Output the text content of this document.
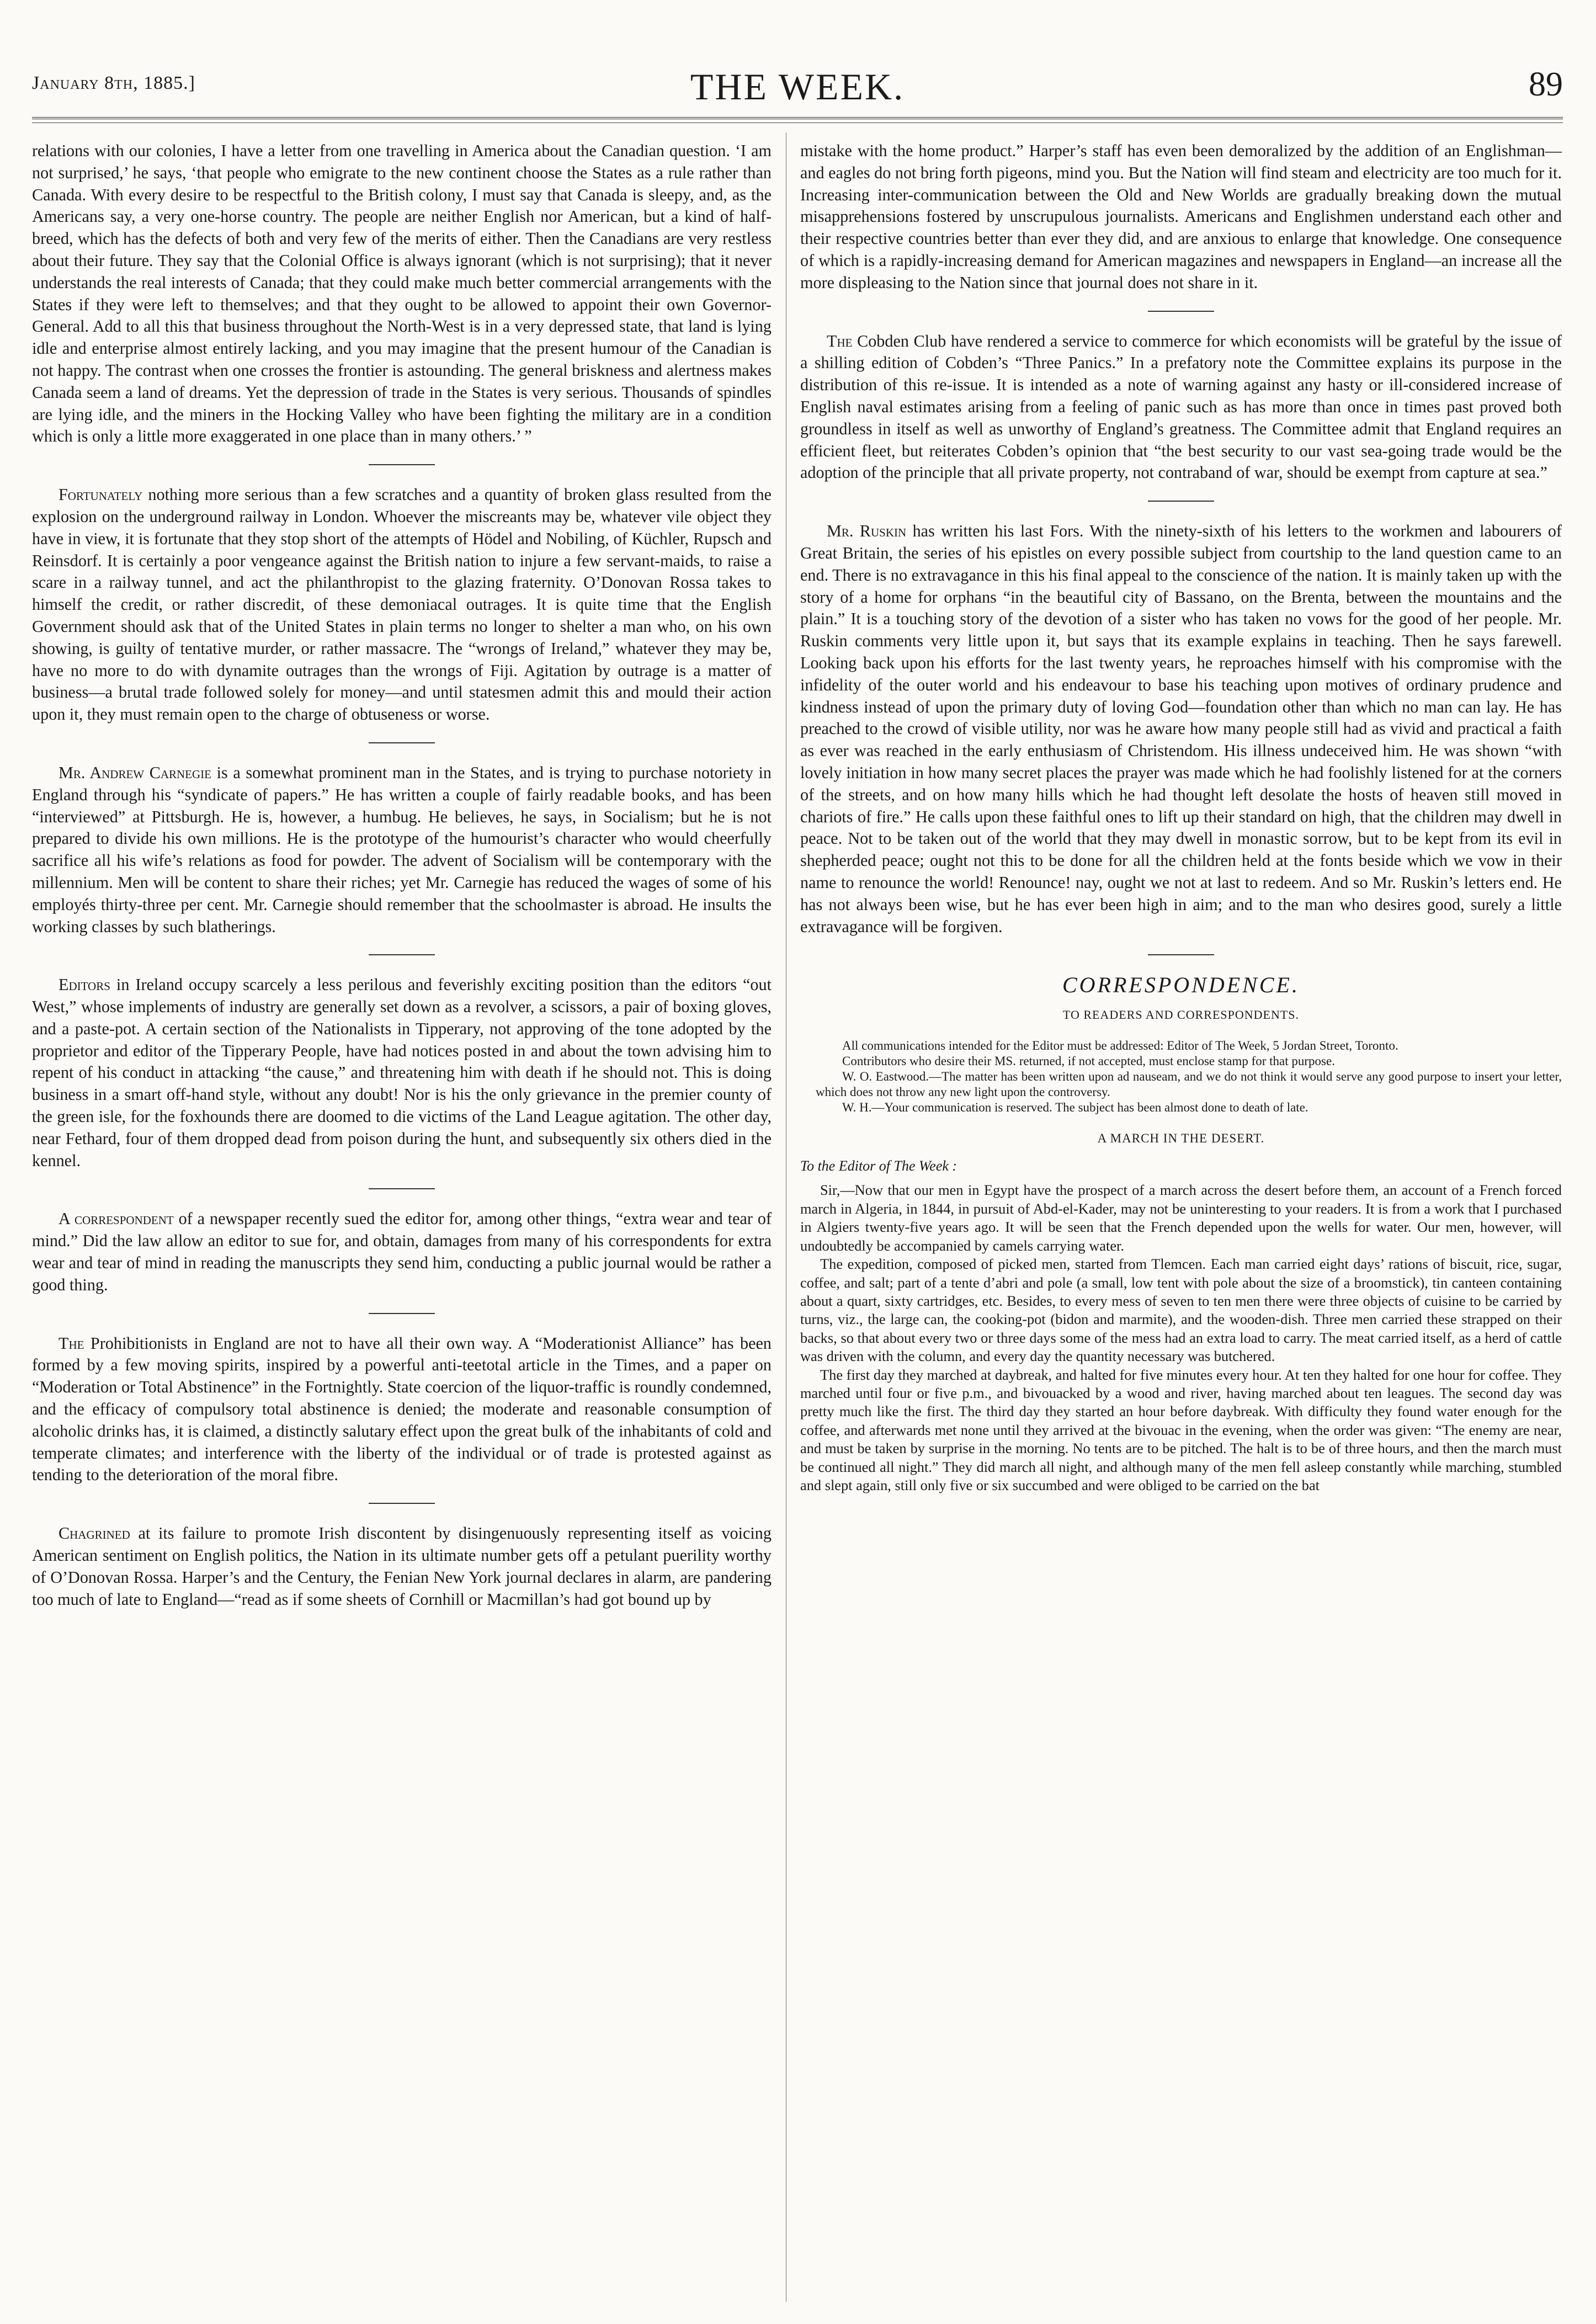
January 8th, 1885.]	THE WEEK.	89

relations with our colonies, I have a letter from one travelling in America about the Canadian question. ‘I am not surprised,’ he says, ‘that people who emigrate to the new continent choose the States as a rule rather than Canada. With every desire to be respectful to the British colony, I must say that Canada is sleepy, and, as the Americans say, a very one-horse country. The people are neither English nor American, but a kind of half-breed, which has the defects of both and very few of the merits of either. Then the Canadians are very restless about their future. They say that the Colonial Office is always ignorant (which is not surprising); that it never understands the real interests of Canada; that they could make much better commercial arrangements with the States if they were left to themselves; and that they ought to be allowed to appoint their own Governor-General. Add to all this that business throughout the North-West is in a very depressed state, that land is lying idle and enterprise almost entirely lacking, and you may imagine that the present humour of the Canadian is not happy. The contrast when one crosses the frontier is astounding. The general briskness and alertness makes Canada seem a land of dreams. Yet the depression of trade in the States is very serious. Thousands of spindles are lying idle, and the miners in the Hocking Valley who have been fighting the military are in a condition which is only a little more exaggerated in one place than in many others.’ ”

Fortunately nothing more serious than a few scratches and a quantity of broken glass resulted from the explosion on the underground railway in London. Whoever the miscreants may be, whatever vile object they have in view, it is fortunate that they stop short of the attempts of Hödel and Nobiling, of Küchler, Rupsch and Reinsdorf. It is certainly a poor vengeance against the British nation to injure a few servant-maids, to raise a scare in a railway tunnel, and act the philanthropist to the glazing fraternity. O’Donovan Rossa takes to himself the credit, or rather discredit, of these demoniacal outrages. It is quite time that the English Government should ask that of the United States in plain terms no longer to shelter a man who, on his own showing, is guilty of tentative murder, or rather massacre. The “wrongs of Ireland,” whatever they may be, have no more to do with dynamite outrages than the wrongs of Fiji. Agitation by outrage is a matter of business—a brutal trade followed solely for money—and until statesmen admit this and mould their action upon it, they must remain open to the charge of obtuseness or worse.

Mr. Andrew Carnegie is a somewhat prominent man in the States, and is trying to purchase notoriety in England through his “syndicate of papers.” He has written a couple of fairly readable books, and has been “interviewed” at Pittsburgh. He is, however, a humbug. He believes, he says, in Socialism; but he is not prepared to divide his own millions. He is the prototype of the humourist’s character who would cheerfully sacrifice all his wife’s relations as food for powder. The advent of Socialism will be contemporary with the millennium. Men will be content to share their riches; yet Mr. Carnegie has reduced the wages of some of his employés thirty-three per cent. Mr. Carnegie should remember that the schoolmaster is abroad. He insults the working classes by such blatherings.

Editors in Ireland occupy scarcely a less perilous and feverishly exciting position than the editors “out West,” whose implements of industry are generally set down as a revolver, a scissors, a pair of boxing gloves, and a paste-pot. A certain section of the Nationalists in Tipperary, not approving of the tone adopted by the proprietor and editor of the Tipperary People, have had notices posted in and about the town advising him to repent of his conduct in attacking “the cause,” and threatening him with death if he should not. This is doing business in a smart off-hand style, without any doubt! Nor is his the only grievance in the premier county of the green isle, for the foxhounds there are doomed to die victims of the Land League agitation. The other day, near Fethard, four of them dropped dead from poison during the hunt, and subsequently six others died in the kennel.

A correspondent of a newspaper recently sued the editor for, among other things, “extra wear and tear of mind.” Did the law allow an editor to sue for, and obtain, damages from many of his correspondents for extra wear and tear of mind in reading the manuscripts they send him, conducting a public journal would be rather a good thing.

The Prohibitionists in England are not to have all their own way. A “Moderationist Alliance” has been formed by a few moving spirits, inspired by a powerful anti-teetotal article in the Times, and a paper on “Moderation or Total Abstinence” in the Fortnightly. State coercion of the liquor-traffic is roundly condemned, and the efficacy of compulsory total abstinence is denied; the moderate and reasonable consumption of alcoholic drinks has, it is claimed, a distinctly salutary effect upon the great bulk of the inhabitants of cold and temperate climates; and interference with the liberty of the individual or of trade is protested against as tending to the deterioration of the moral fibre.

Chagrined at its failure to promote Irish discontent by disingenuously representing itself as voicing American sentiment on English politics, the Nation in its ultimate number gets off a petulant puerility worthy of O’Donovan Rossa. Harper’s and the Century, the Fenian New York journal declares in alarm, are pandering too much of late to England—“read as if some sheets of Cornhill or Macmillan’s had got bound up by

mistake with the home product.” Harper’s staff has even been demoralized by the addition of an Englishman—and eagles do not bring forth pigeons, mind you. But the Nation will find steam and electricity are too much for it. Increasing inter-communication between the Old and New Worlds are gradually breaking down the mutual misapprehensions fostered by unscrupulous journalists. Americans and Englishmen understand each other and their respective countries better than ever they did, and are anxious to enlarge that knowledge. One consequence of which is a rapidly-increasing demand for American magazines and newspapers in England—an increase all the more displeasing to the Nation since that journal does not share in it.

The Cobden Club have rendered a service to commerce for which economists will be grateful by the issue of a shilling edition of Cobden’s “Three Panics.” In a prefatory note the Committee explains its purpose in the distribution of this re-issue. It is intended as a note of warning against any hasty or ill-considered increase of English naval estimates arising from a feeling of panic such as has more than once in times past proved both groundless in itself as well as unworthy of England’s greatness. The Committee admit that England requires an efficient fleet, but reiterates Cobden’s opinion that “the best security to our vast sea-going trade would be the adoption of the principle that all private property, not contraband of war, should be exempt from capture at sea.”

Mr. Ruskin has written his last Fors. With the ninety-sixth of his letters to the workmen and labourers of Great Britain, the series of his epistles on every possible subject from courtship to the land question came to an end. There is no extravagance in this his final appeal to the conscience of the nation. It is mainly taken up with the story of a home for orphans “in the beautiful city of Bassano, on the Brenta, between the mountains and the plain.” It is a touching story of the devotion of a sister who has taken no vows for the good of her people. Mr. Ruskin comments very little upon it, but says that its example explains in teaching. Then he says farewell. Looking back upon his efforts for the last twenty years, he reproaches himself with his compromise with the infidelity of the outer world and his endeavour to base his teaching upon motives of ordinary prudence and kindness instead of upon the primary duty of loving God—foundation other than which no man can lay. He has preached to the crowd of visible utility, nor was he aware how many people still had as vivid and practical a faith as ever was reached in the early enthusiasm of Christendom. His illness undeceived him. He was shown “with lovely initiation in how many secret places the prayer was made which he had foolishly listened for at the corners of the streets, and on how many hills which he had thought left desolate the hosts of heaven still moved in chariots of fire.” He calls upon these faithful ones to lift up their standard on high, that the children may dwell in peace. Not to be taken out of the world that they may dwell in monastic sorrow, but to be kept from its evil in shepherded peace; ought not this to be done for all the children held at the fonts beside which we vow in their name to renounce the world! Renounce! nay, ought we not at last to redeem. And so Mr. Ruskin’s letters end. He has not always been wise, but he has ever been high in aim; and to the man who desires good, surely a little extravagance will be forgiven.

CORRESPONDENCE.
TO READERS AND CORRESPONDENTS.

All communications intended for the Editor must be addressed: Editor of The Week, 5 Jordan Street, Toronto.

Contributors who desire their MS. returned, if not accepted, must enclose stamp for that purpose.

W. O. Eastwood.—The matter has been written upon ad nauseam, and we do not think it would serve any good purpose to insert your letter, which does not throw any new light upon the controversy.

W. H.—Your communication is reserved. The subject has been almost done to death of late.

A MARCH IN THE DESERT.
To the Editor of The Week :

Sir,—Now that our men in Egypt have the prospect of a march across the desert before them, an account of a French forced march in Algeria, in 1844, in pursuit of Abd-el-Kader, may not be uninteresting to your readers. It is from a work that I purchased in Algiers twenty-five years ago. It will be seen that the French depended upon the wells for water. Our men, however, will undoubtedly be accompanied by camels carrying water.

The expedition, composed of picked men, started from Tlemcen. Each man carried eight days’ rations of biscuit, rice, sugar, coffee, and salt; part of a tente d’abri and pole (a small, low tent with pole about the size of a broomstick), tin canteen containing about a quart, sixty cartridges, etc. Besides, to every mess of seven to ten men there were three objects of cuisine to be carried by turns, viz., the large can, the cooking-pot (bidon and marmite), and the wooden-dish. Three men carried these strapped on their backs, so that about every two or three days some of the mess had an extra load to carry. The meat carried itself, as a herd of cattle was driven with the column, and every day the quantity necessary was butchered.

The first day they marched at daybreak, and halted for five minutes every hour. At ten they halted for one hour for coffee. They marched until four or five p.m., and bivouacked by a wood and river, having marched about ten leagues. The second day was pretty much like the first. The third day they started an hour before daybreak. With difficulty they found water enough for the coffee, and afterwards met none until they arrived at the bivouac in the evening, when the order was given: “The enemy are near, and must be taken by surprise in the morning. No tents are to be pitched. The halt is to be of three hours, and then the march must be continued all night.” They did march all night, and although many of the men fell asleep constantly while marching, stumbled and slept again, still only five or six succumbed and were obliged to be carried on the bat
